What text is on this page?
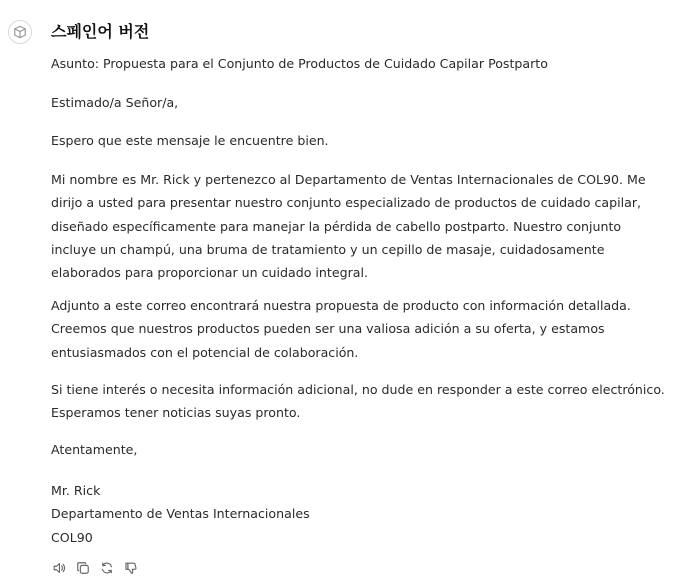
스페인어 버전
Asunto: Propuesta para el Conjunto de Productos de Cuidado Capilar Postparto
Estimado/a Señor/a,
Espero que este mensaje le encuentre bien.
Mi nombre es Mr. Rick y pertenezco al Departamento de Ventas Internacionales de COL90. Me
dirijo a usted para presentar nuestro conjunto especializado de productos de cuidado capilar,
diseñado específicamente para manejar la pérdida de cabello postparto. Nuestro conjunto
incluye un champú, una bruma de tratamiento y un cepillo de masaje, cuidadosamente
elaborados para proporcionar un cuidado integral.
Adjunto a este correo encontrará nuestra propuesta de producto con información detallada.
Creemos que nuestros productos pueden ser una valiosa adición a su oferta, y estamos
entusiasmados con el potencial de colaboración.
Si tiene interés o necesita información adicional, no dude en responder a este correo electrónico.
Esperamos tener noticias suyas pronto.
Atentamente,
Mr. Rick
Departamento de Ventas Internacionales
COL90
